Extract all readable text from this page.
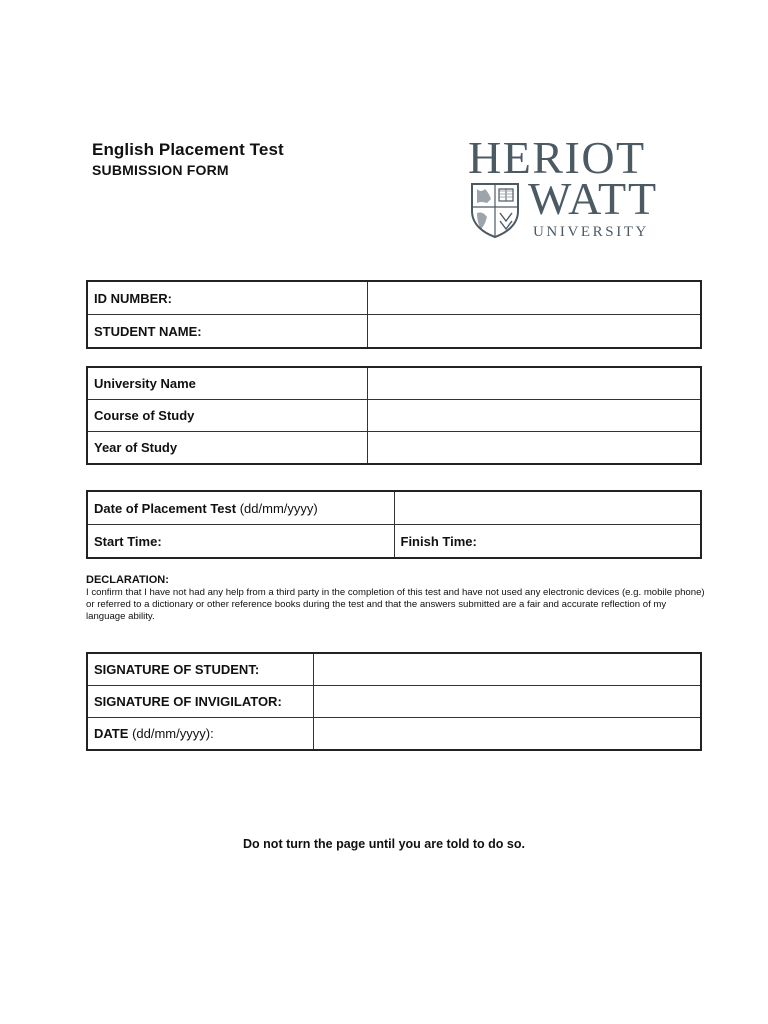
English Placement Test
SUBMISSION FORM	HERIOT
WATT
UNIVERSITY
ID NUMBER:	
STUDENT NAME:	
University Name	
Course of Study	
Year of Study	
Date of Placement Test (dd/mm/yyyy)	
Start Time:	Finish Time:
DECLARATION:
I confirm that I have not had any help from a third party in the completion of this test and have not used any electronic devices (e.g. mobile phone) or referred to a dictionary or other reference books during the test and that the answers submitted are a fair and accurate reflection of my language ability.
SIGNATURE OF STUDENT:	
SIGNATURE OF INVIGILATOR:	
DATE (dd/mm/yyyy):	
Do not turn the page until you are told to do so.
